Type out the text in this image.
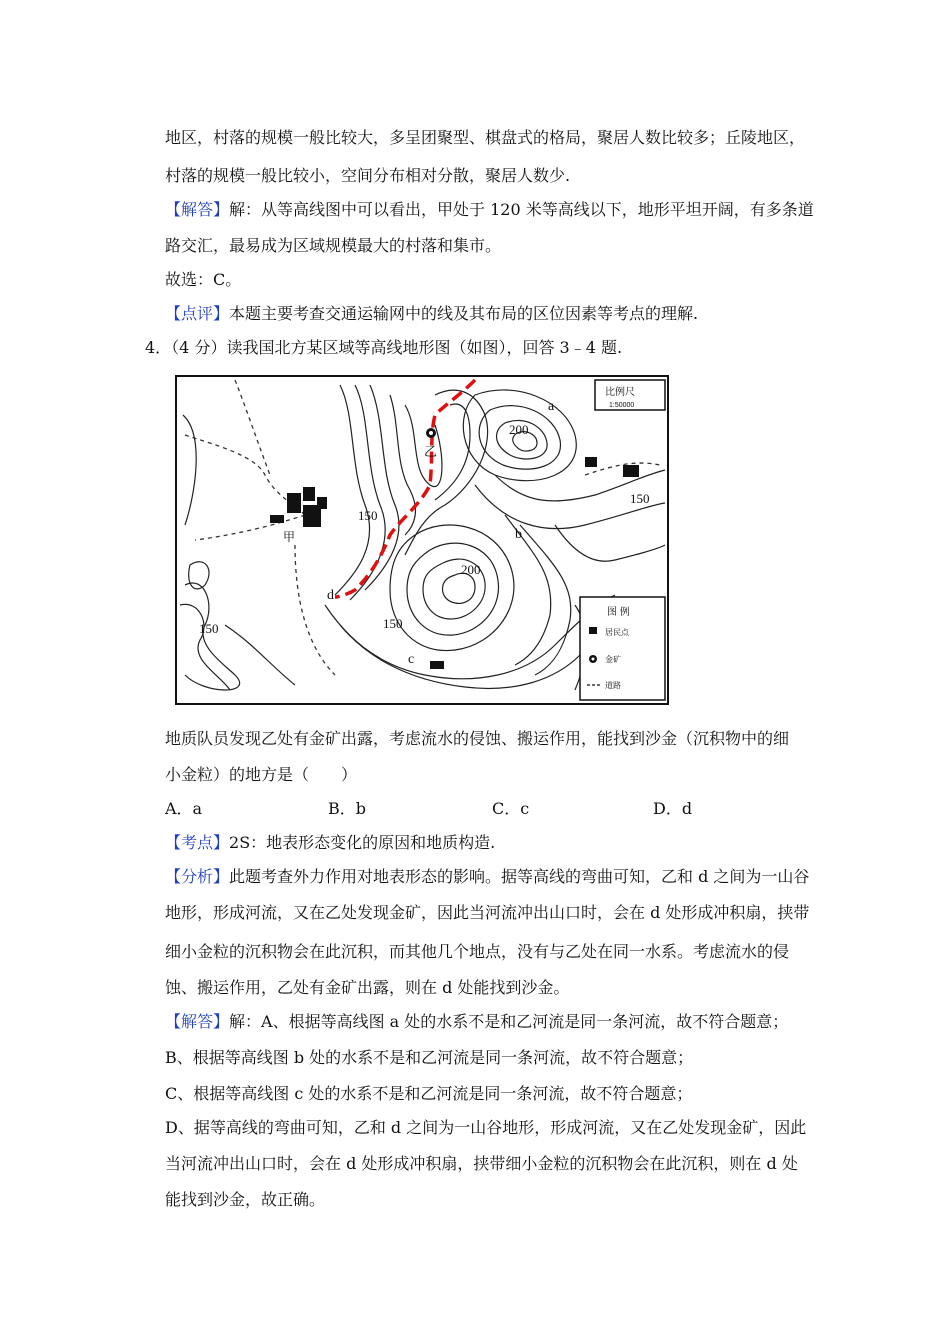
地区，村落的规模一般比较大，多呈团聚型、棋盘式的格局，聚居人数比较多；丘陵地区，
村落的规模一般比较小，空间分布相对分散，聚居人数少.
【解答】解：从等高线图中可以看出，甲处于 120 米等高线以下，地形平坦开阔，有多条道
路交汇，最易成为区域规模最大的村落和集市。
故选：C。
【点评】本题主要考查交通运输网中的线及其布局的区位因素等考点的理解.
4．（4 分）读我国北方某区域等高线地形图（如图），回答 3﹣4 题.
a
b
c
d
乙
甲
200
200
150
150
150
150
比例尺
1:50000
图 例
居民点
金矿
道路
地质队员发现乙处有金矿出露，考虑流水的侵蚀、搬运作用，能找到沙金（沉积物中的细
小金粒）的地方是（　　）
A．a	B．b	C．c	D．d
【考点】2S：地表形态变化的原因和地质构造.
【分析】此题考查外力作用对地表形态的影响。据等高线的弯曲可知，乙和 d 之间为一山谷
地形，形成河流，又在乙处发现金矿，因此当河流冲出山口时，会在 d 处形成冲积扇，挟带
细小金粒的沉积物会在此沉积，而其他几个地点，没有与乙处在同一水系。考虑流水的侵
蚀、搬运作用，乙处有金矿出露，则在 d 处能找到沙金。
【解答】解：A、根据等高线图 a 处的水系不是和乙河流是同一条河流，故不符合题意；
B、根据等高线图 b 处的水系不是和乙河流是同一条河流，故不符合题意；
C、根据等高线图 c 处的水系不是和乙河流是同一条河流，故不符合题意；
D、据等高线的弯曲可知，乙和 d 之间为一山谷地形，形成河流，又在乙处发现金矿，因此
当河流冲出山口时，会在 d 处形成冲积扇，挟带细小金粒的沉积物会在此沉积，则在 d 处
能找到沙金，故正确。
